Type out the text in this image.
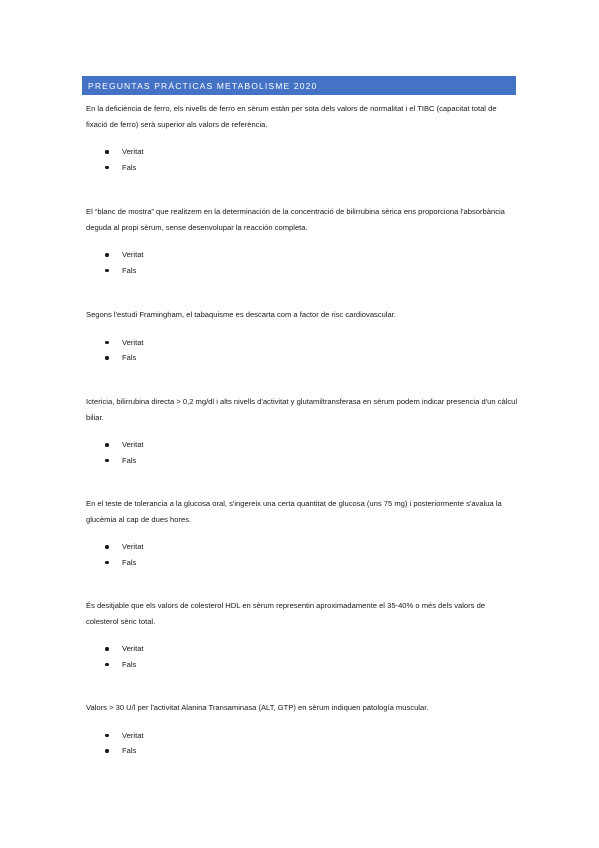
PREGUNTAS PRÁCTICAS METABOLISME 2020

En la deficiència de ferro, els nivells de ferro en sèrum estàn per sota dels valors de normalitat i el TIBC (capacitat total de fixació de ferro) serà superior als valors de referència.

Veritat
Fals

El “blanc de mostra” que realitzem en la determinación de la concentració de bilirrubina sèrica ens proporciona l'absorbància deguda al propi sèrum, sense desenvolupar la reacción completa.

Veritat
Fals

Segons l'estudi Framingham, el tabaquisme es descarta com a factor de risc cardiovascular.

Veritat
Fals

Ictericia, bilirrubina directa > 0,2 mg/dl i alts nivells d'activitat y glutamiltransferasa en sèrum podem indicar presencia d'un càlcul biliar.

Veritat
Fals

En el teste de tolerancia a la glucosa oral, s'ingereix una certa quantitat de glucosa (uns 75 mg) i posteriormente s'avalua la glucèmia al cap de dues hores.

Veritat
Fals

És desitjable que els valors de colesterol HDL en sèrum representin aproximadamente el 35-40% o més dels valors de colesterol sèric total.

Veritat
Fals

Valors > 30 U/l per l'activitat Alanina Transaminasa (ALT, GTP) en sèrum indiquen patología muscular.

Veritat
Fals
